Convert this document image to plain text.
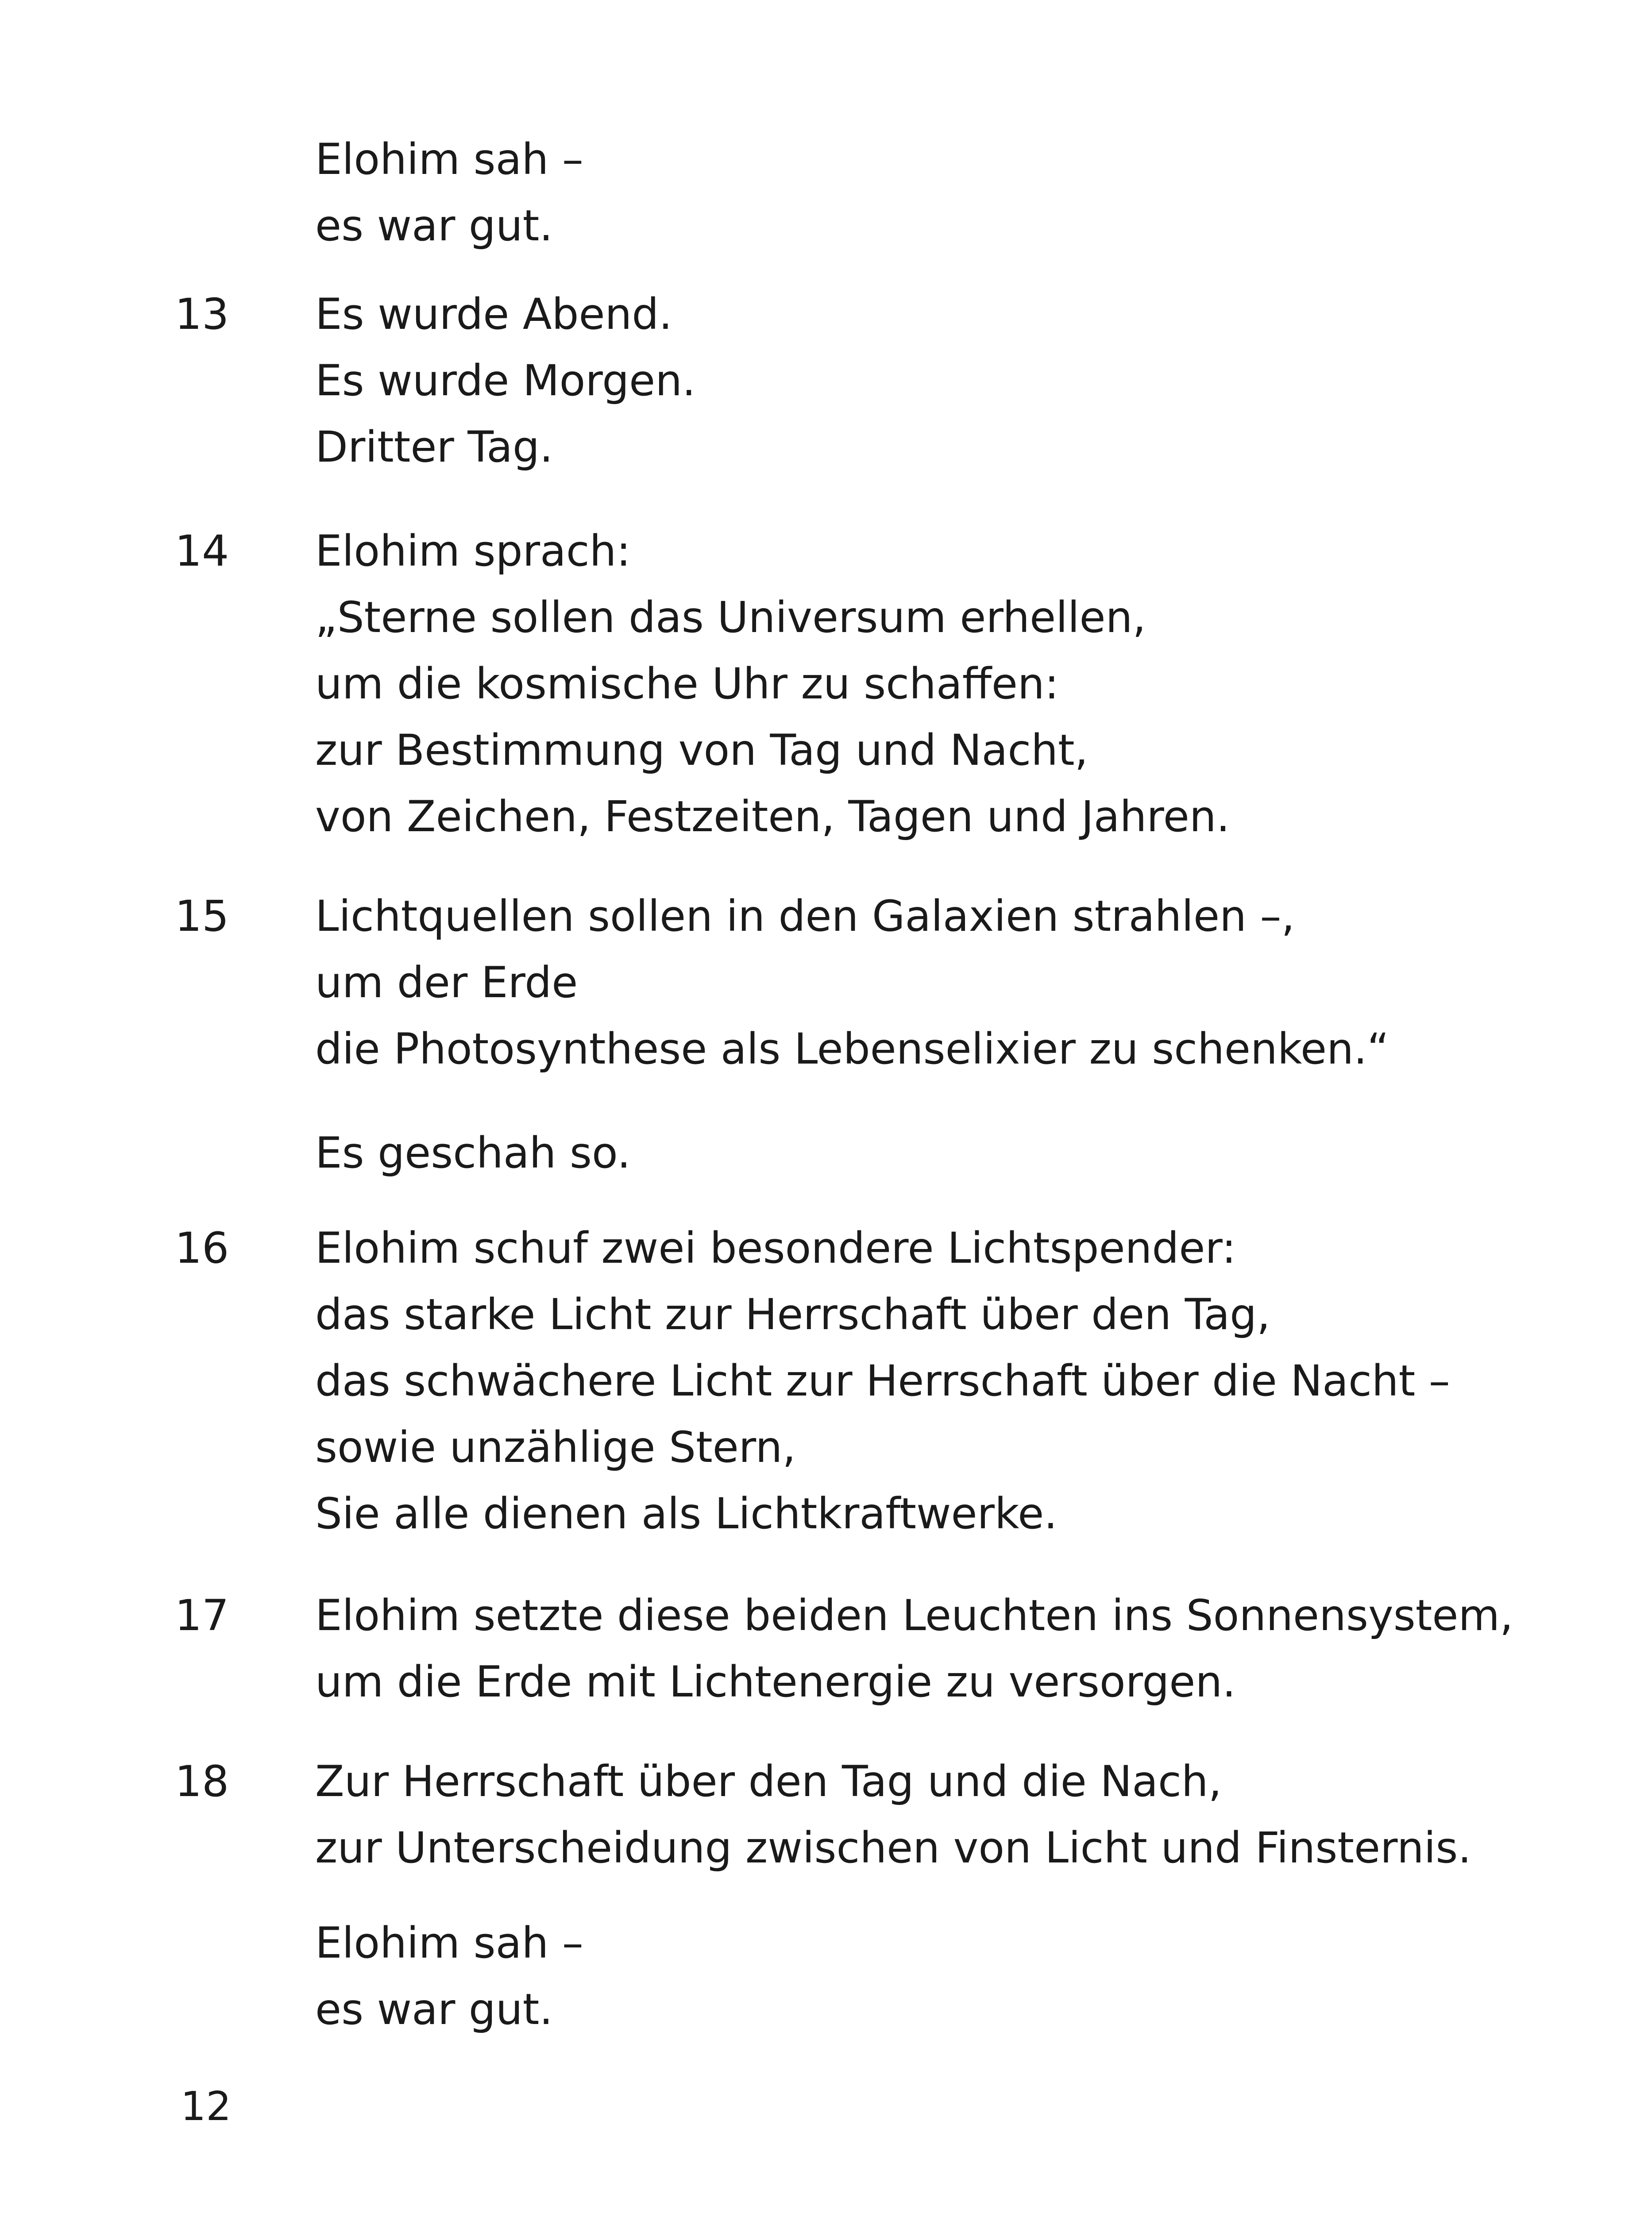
Elohim sah –
es war gut.
13 Es wurde Abend.
Es wurde Morgen.
Dritter Tag.
14 Elohim sprach:
„Sterne sollen das Universum erhellen,
um die kosmische Uhr zu schaffen:
zur Bestimmung von Tag und Nacht,
von Zeichen, Festzeiten, Tagen und Jahren.
15 Lichtquellen sollen in den Galaxien strahlen –,
um der Erde
die Photosynthese als Lebenselixier zu schenken.“
Es geschah so.
16 Elohim schuf zwei besondere Lichtspender:
das starke Licht zur Herrschaft über den Tag,
das schwächere Licht zur Herrschaft über die Nacht –
sowie unzählige Stern,
Sie alle dienen als Lichtkraftwerke.
17 Elohim setzte diese beiden Leuchten ins Sonnensystem,
um die Erde mit Lichtenergie zu versorgen.
18 Zur Herrschaft über den Tag und die Nach,
zur Unterscheidung zwischen von Licht und Finsternis.
Elohim sah –
es war gut.
12
